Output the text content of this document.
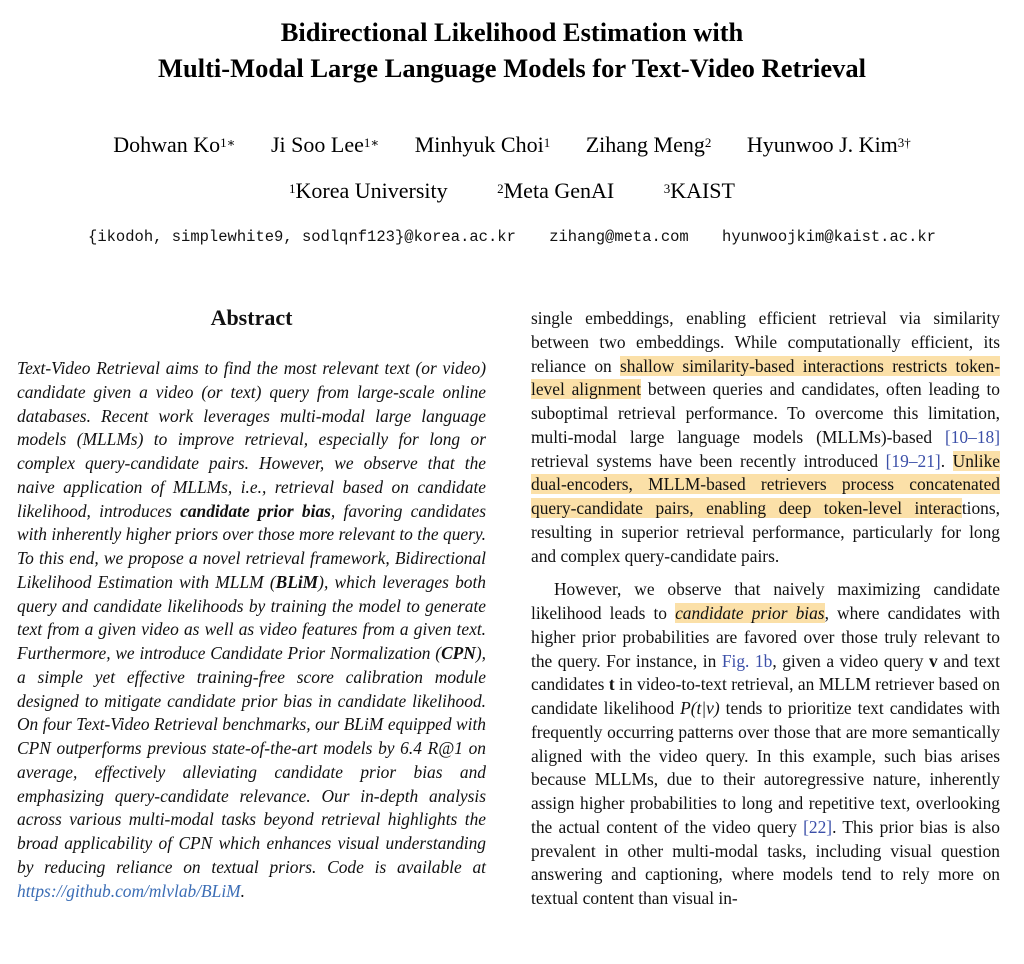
Bidirectional Likelihood Estimation with
Multi-Modal Large Language Models for Text-Video Retrieval
Dohwan $Ko^{1∗}$ Ji Soo Lee$^{1∗}$ Minhyuk Choi$^1$ Zihang Meng$^2$ Hyunwoo J. Kim$^{3\dagger}$
$^1$Korea University	$^2$Meta GenAI	$^3$KAIST
{ikodoh, simplewhite9, sodlqnf123}@korea.ac.kr zihang@meta.com hyunwoojkim@kaist.ac.kr
Abstract

Text-Video Retrieval aims to find the most relevant text (or video) candidate given a video (or text) query from large-scale online databases. Recent work leverages multi-modal large language models (MLLMs) to improve retrieval, especially for long or complex query-candidate pairs. However, we observe that the naive application of MLLMs, i.e., retrieval based on candidate likelihood, introduces candidate prior bias, favoring candidates with inherently higher priors over those more relevant to the query. To this end, we propose a novel retrieval framework, Bidirectional Likelihood Estimation with MLLM (BLiM), which leverages both query and candidate likelihoods by training the model to generate text from a given video as well as video features from a given text. Furthermore, we introduce Candidate Prior Normalization (CPN), a simple yet effective training-free score calibration module designed to mitigate candidate prior bias in candidate likelihood. On four Text-Video Retrieval benchmarks, our BLiM equipped with CPN outperforms previous state-of-the-art models by 6.4 R@1 on average, effectively alleviating candidate prior bias and emphasizing query-candidate relevance. Our in-depth analysis across various multi-modal tasks beyond retrieval highlights the broad applicability of CPN which enhances visual understanding by reducing reliance on textual priors. Code is available at https://github.com/mlvlab/BLiM.

single embeddings, enabling efficient retrieval via similarity between two embeddings. While computationally efficient, its reliance on shallow similarity-based interactions restricts token-level alignment between queries and candidates, often leading to suboptimal retrieval performance. To overcome this limitation, multi-modal large language models (MLLMs)-based [10–18] retrieval systems have been recently introduced [19–21]. Unlike dual-encoders, MLLM-based retrievers process concatenated query-candidate pairs, enabling deep token-level interactions, resulting in superior retrieval performance, particularly for long and complex query-candidate pairs.

However, we observe that naively maximizing candidate likelihood leads to candidate prior bias, where candidates with higher prior probabilities are favored over those truly relevant to the query. For instance, in Fig. 1b, given a video query v and text candidates t in video-to-text retrieval, an MLLM retriever based on candidate likelihood P(t|v) tends to prioritize text candidates with frequently occurring patterns over those that are more semantically aligned with the video query. In this example, such bias arises because MLLMs, due to their autoregressive nature, inherently assign higher probabilities to long and repetitive text, overlooking the actual content of the video query [22]. This prior bias is also prevalent in other multi-modal tasks, including visual question answering and captioning, where models tend to rely more on textual content than visual in-
